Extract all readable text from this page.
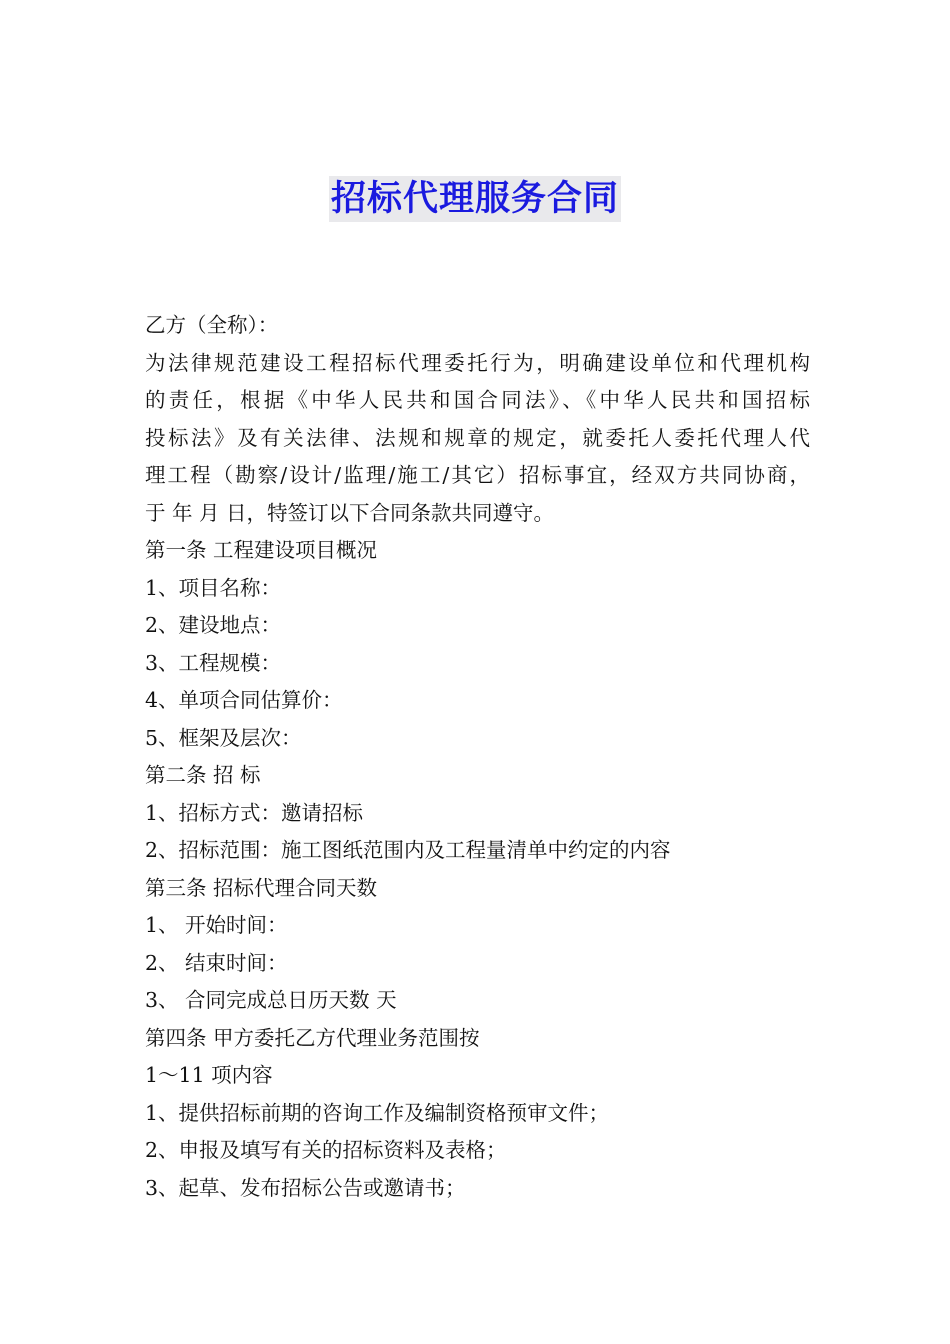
招标代理服务合同
乙方（全称）：
为法律规范建设工程招标代理委托行为，明确建设单位和代理机构
的责任，根据《中华人民共和国合同法》、《中华人民共和国招标
投标法》及有关法律、法规和规章的规定，就委托人委托代理人代
理工程（勘察/设计/监理/施工/其它）招标事宜，经双方共同协商，
于 年 月 日，特签订以下合同条款共同遵守。
第一条 工程建设项目概况
1、项目名称：
2、建设地点：
3、工程规模：
4、单项合同估算价：
5、框架及层次：
第二条 招 标
1、招标方式：邀请招标
2、招标范围：施工图纸范围内及工程量清单中约定的内容
第三条 招标代理合同天数
1、 开始时间：
2、 结束时间：
3、 合同完成总日历天数 天
第四条 甲方委托乙方代理业务范围按
1～11 项内容
1、提供招标前期的咨询工作及编制资格预审文件；
2、申报及填写有关的招标资料及表格；
3、起草、发布招标公告或邀请书；
